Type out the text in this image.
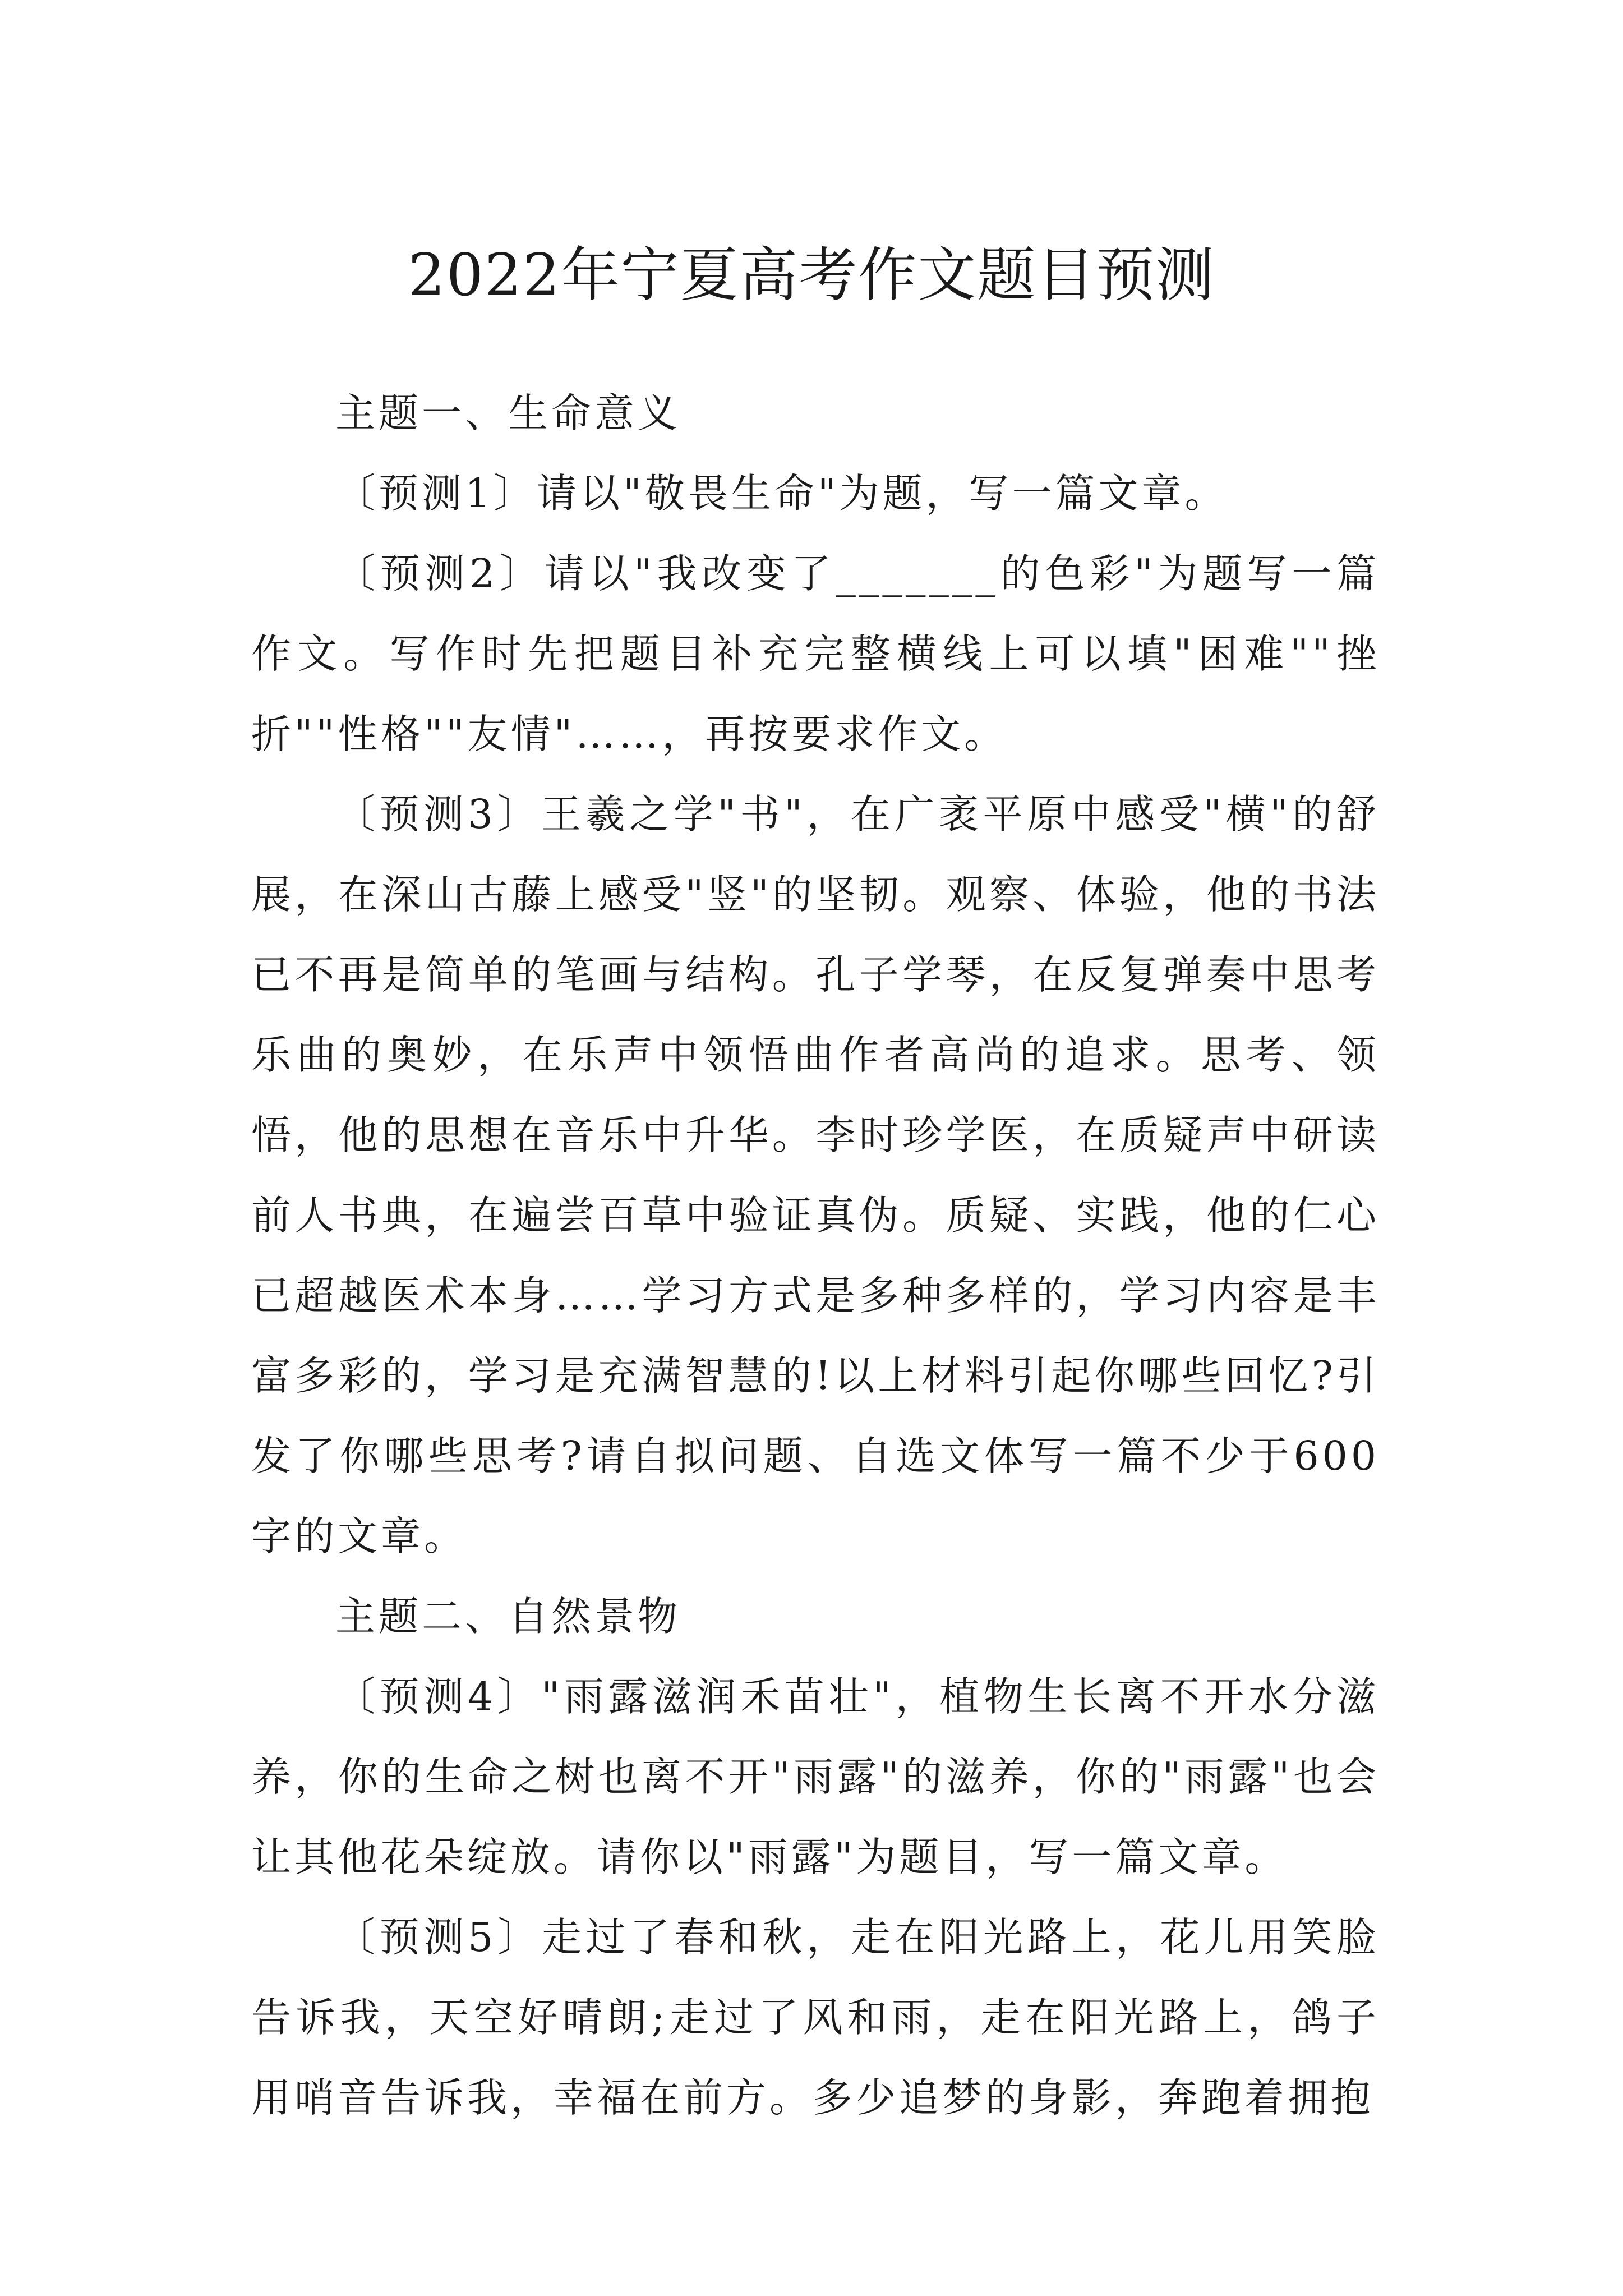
2022年宁夏高考作文题目预测

主题一、生命意义

〔预测1〕请以"敬畏生命"为题，写一篇文章。

〔预测2〕请以"我改变了_______的色彩"为题写一篇作文。写作时先把题目补充完整横线上可以填"困难""挫折""性格""友情"……，再按要求作文。

〔预测3〕王羲之学"书"，在广袤平原中感受"横"的舒展，在深山古藤上感受"竖"的坚韧。观察、体验，他的书法已不再是简单的笔画与结构。孔子学琴，在反复弹奏中思考乐曲的奥妙，在乐声中领悟曲作者高尚的追求。思考、领悟，他的思想在音乐中升华。李时珍学医，在质疑声中研读前人书典，在遍尝百草中验证真伪。质疑、实践，他的仁心已超越医术本身……学习方式是多种多样的，学习内容是丰富多彩的，学习是充满智慧的!以上材料引起你哪些回忆?引发了你哪些思考?请自拟问题、自选文体写一篇不少于600字的文章。

主题二、自然景物

〔预测4〕"雨露滋润禾苗壮"，植物生长离不开水分滋养，你的生命之树也离不开"雨露"的滋养，你的"雨露"也会让其他花朵绽放。请你以"雨露"为题目，写一篇文章。

〔预测5〕走过了春和秋，走在阳光路上，花儿用笑脸告诉我，天空好晴朗;走过了风和雨，走在阳光路上，鸽子用哨音告诉我，幸福在前方。多少追梦的身影，奔跑着拥抱
